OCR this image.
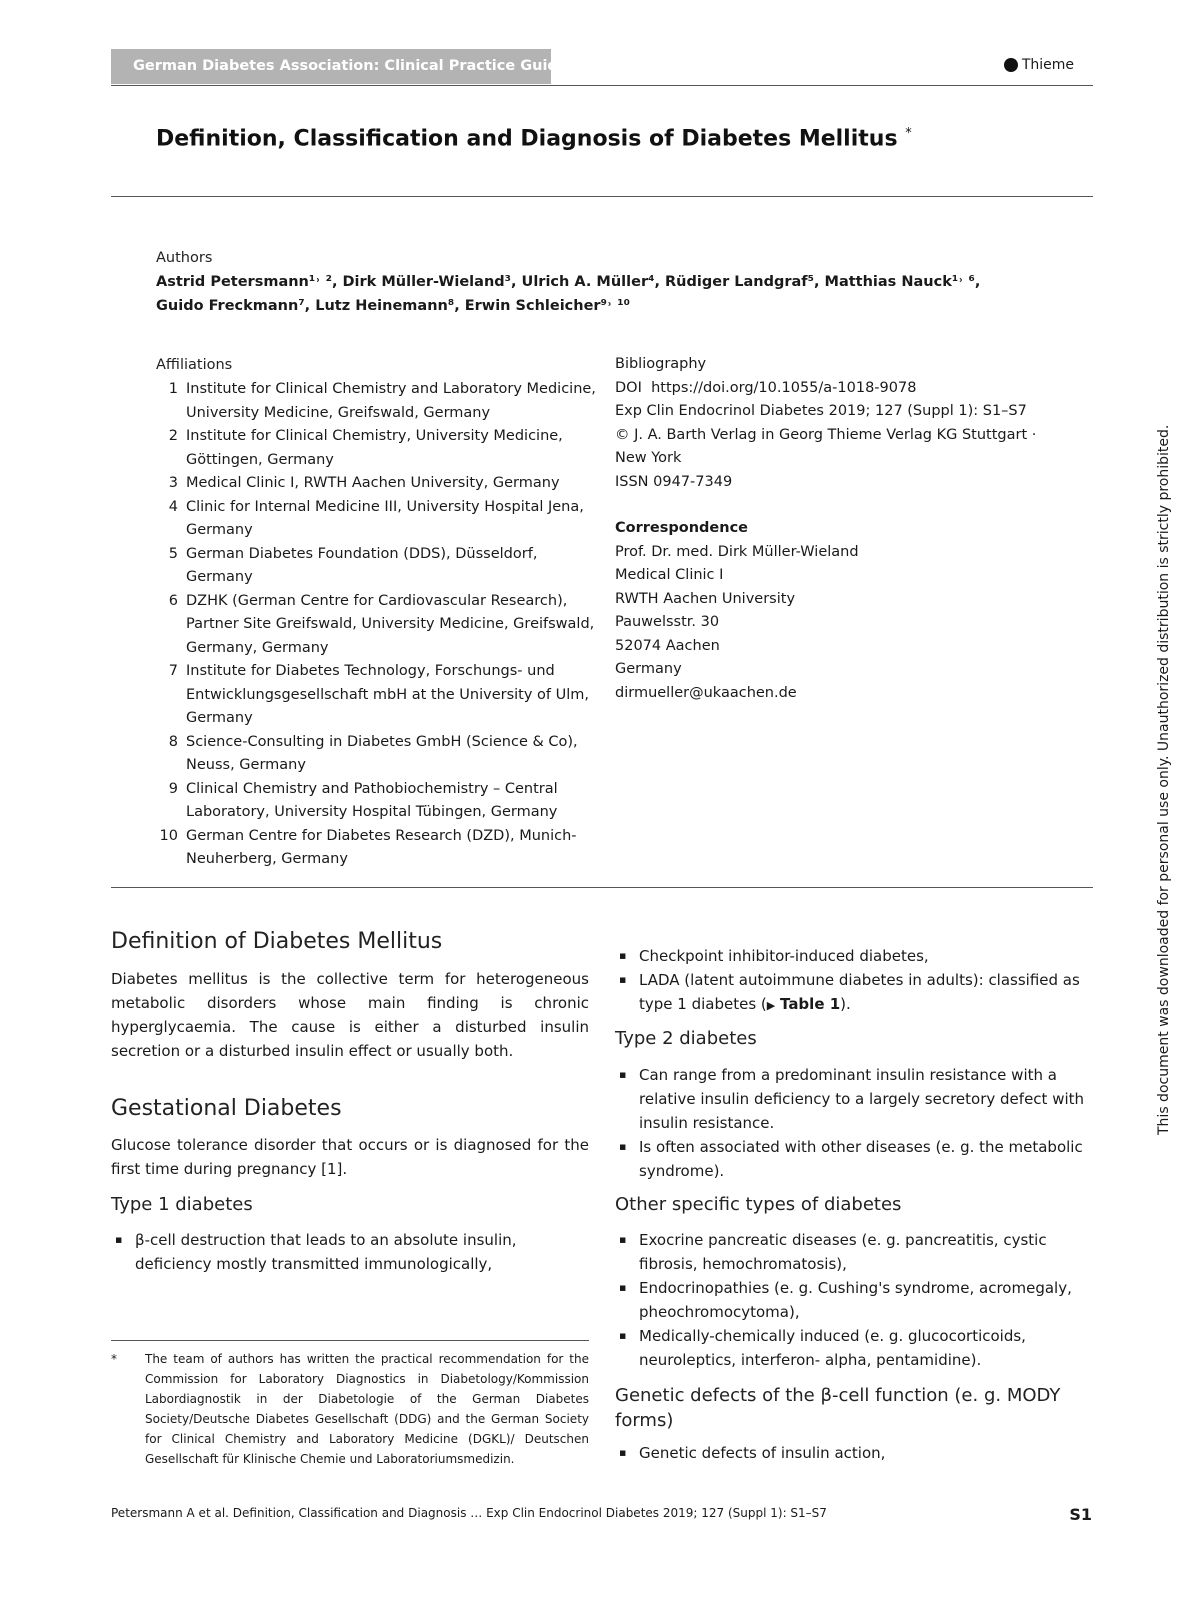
German Diabetes Association: Clinical Practice Guidelines	Thieme
Definition, Classification and Diagnosis of Diabetes Mellitus *
Authors
Astrid Petersmann¹˒ ², Dirk Müller-Wieland³, Ulrich A. Müller⁴, Rüdiger Landgraf⁵, Matthias Nauck¹˒ ⁶,
Guido Freckmann⁷, Lutz Heinemann⁸, Erwin Schleicher⁹˒ ¹⁰
Affiliations
1 Institute for Clinical Chemistry and Laboratory Medicine, University Medicine, Greifswald, Germany
2 Institute for Clinical Chemistry, University Medicine, Göttingen, Germany
3 Medical Clinic I, RWTH Aachen University, Germany
4 Clinic for Internal Medicine III, University Hospital Jena, Germany
5 German Diabetes Foundation (DDS), Düsseldorf, Germany
6 DZHK (German Centre for Cardiovascular Research), Partner Site Greifswald, University Medicine, Greifswald, Germany, Germany
7 Institute for Diabetes Technology, Forschungs- und Entwicklungsgesellschaft mbH at the University of Ulm, Germany
8 Science-Consulting in Diabetes GmbH (Science & Co), Neuss, Germany
9 Clinical Chemistry and Pathobiochemistry – Central Laboratory, University Hospital Tübingen, Germany
10 German Centre for Diabetes Research (DZD), Munich-Neuherberg, Germany
Bibliography
DOI https://doi.org/10.1055/a-1018-9078
Exp Clin Endocrinol Diabetes 2019; 127 (Suppl 1): S1–S7
© J. A. Barth Verlag in Georg Thieme Verlag KG Stuttgart ·
New York
ISSN 0947-7349
Correspondence
Prof. Dr. med. Dirk Müller-Wieland
Medical Clinic I
RWTH Aachen University
Pauwelsstr. 30
52074 Aachen
Germany
dirmueller@ukaachen.de
Definition of Diabetes Mellitus
Diabetes mellitus is the collective term for heterogeneous metabolic disorders whose main finding is chronic hyperglycaemia. The cause is either a disturbed insulin secretion or a disturbed insulin effect or usually both.
Gestational Diabetes
Glucose tolerance disorder that occurs or is diagnosed for the first time during pregnancy [1].
Type 1 diabetes
▪ β-cell destruction that leads to an absolute insulin, deficiency mostly transmitted immunologically,
*	The team of authors has written the practical recommendation for the Commission for Laboratory Diagnostics in Diabetology/Kommission Labordiagnostik in der Diabetologie of the German Diabetes Society/Deutsche Diabetes Gesellschaft (DDG) and the German Society for Clinical Chemistry and Laboratory Medicine (DGKL)/ Deutschen Gesellschaft für Klinische Chemie und Laboratoriumsmedizin.
▪ Checkpoint inhibitor-induced diabetes,
▪ LADA (latent autoimmune diabetes in adults): classified as type 1 diabetes (▶ Table 1).
Type 2 diabetes
▪ Can range from a predominant insulin resistance with a relative insulin deficiency to a largely secretory defect with insulin resistance.
▪ Is often associated with other diseases (e. g. the metabolic syndrome).
Other specific types of diabetes
▪ Exocrine pancreatic diseases (e. g. pancreatitis, cystic fibrosis, hemochromatosis),
▪ Endocrinopathies (e. g. Cushing's syndrome, acromegaly, pheochromocytoma),
▪ Medically-chemically induced (e. g. glucocorticoids, neuroleptics, interferon- alpha, pentamidine).
Genetic defects of the β-cell function (e. g. MODY
forms)
▪ Genetic defects of insulin action,
Petersmann A et al. Definition, Classification and Diagnosis … Exp Clin Endocrinol Diabetes 2019; 127 (Suppl 1): S1–S7	S1
This document was downloaded for personal use only. Unauthorized distribution is strictly prohibited.
